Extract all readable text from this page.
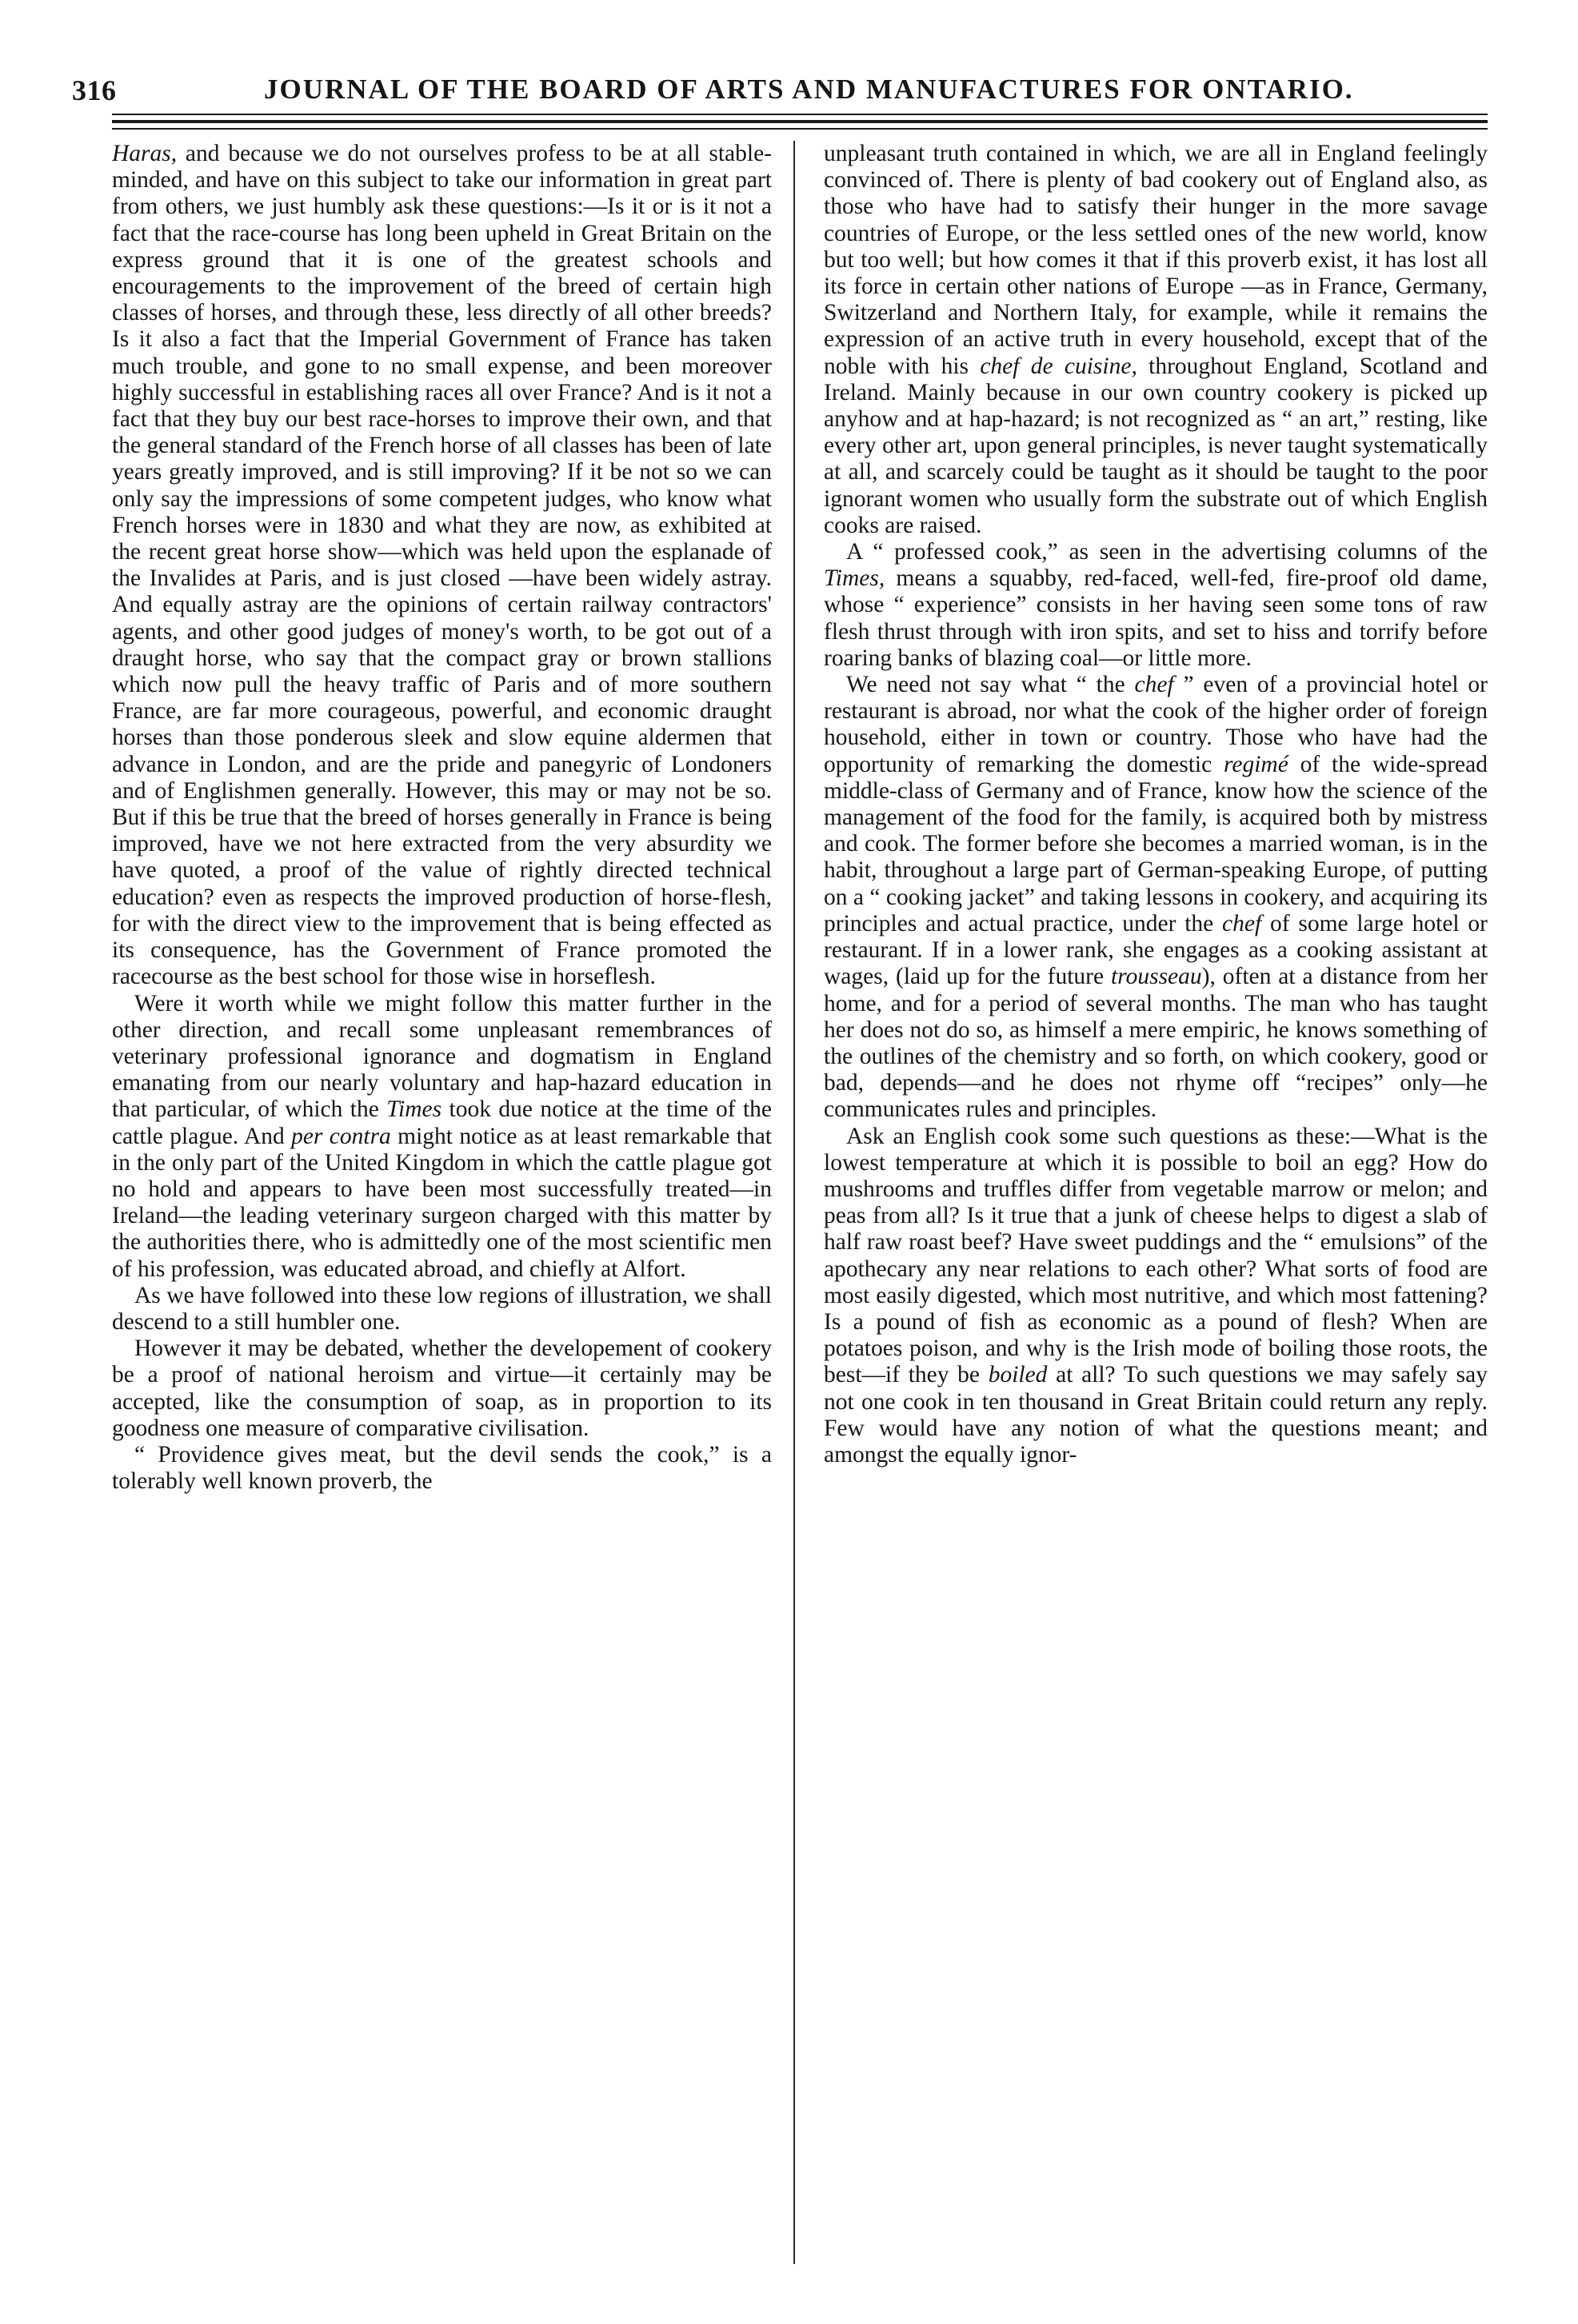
316	JOURNAL OF THE BOARD OF ARTS AND MANUFACTURES FOR ONTARIO.

Haras, and because we do not ourselves profess to be at all stable-minded, and have on this subject to take our information in great part from others, we just humbly ask these questions:—Is it or is it not a fact that the race-course has long been upheld in Great Britain on the express ground that it is one of the greatest schools and encouragements to the improvement of the breed of certain high classes of horses, and through these, less directly of all other breeds? Is it also a fact that the Imperial Government of France has taken much trouble, and gone to no small expense, and been moreover highly successful in establishing races all over France? And is it not a fact that they buy our best race-horses to improve their own, and that the general standard of the French horse of all classes has been of late years greatly improved, and is still improving? If it be not so we can only say the impressions of some competent judges, who know what French horses were in 1830 and what they are now, as exhibited at the recent great horse show—which was held upon the esplanade of the Invalides at Paris, and is just closed —have been widely astray. And equally astray are the opinions of certain railway contractors' agents, and other good judges of money's worth, to be got out of a draught horse, who say that the compact gray or brown stallions which now pull the heavy traffic of Paris and of more southern France, are far more courageous, powerful, and economic draught horses than those ponderous sleek and slow equine aldermen that advance in London, and are the pride and panegyric of Londoners and of Englishmen generally. However, this may or may not be so. But if this be true that the breed of horses generally in France is being improved, have we not here extracted from the very absurdity we have quoted, a proof of the value of rightly directed technical education? even as respects the improved production of horse-flesh, for with the direct view to the improvement that is being effected as its consequence, has the Government of France promoted the racecourse as the best school for those wise in horseflesh.

Were it worth while we might follow this matter further in the other direction, and recall some unpleasant remembrances of veterinary professional ignorance and dogmatism in England emanating from our nearly voluntary and hap-hazard education in that particular, of which the Times took due notice at the time of the cattle plague. And per contra might notice as at least remarkable that in the only part of the United Kingdom in which the cattle plague got no hold and appears to have been most successfully treated—in Ireland—the leading veterinary surgeon charged with this matter by the authorities there, who is admittedly one of the most scientific men of his profession, was educated abroad, and chiefly at Alfort.

As we have followed into these low regions of illustration, we shall descend to a still humbler one.

However it may be debated, whether the developement of cookery be a proof of national heroism and virtue—it certainly may be accepted, like the consumption of soap, as in proportion to its goodness one measure of comparative civilisation.

“ Providence gives meat, but the devil sends the cook,” is a tolerably well known proverb, the

unpleasant truth contained in which, we are all in England feelingly convinced of. There is plenty of bad cookery out of England also, as those who have had to satisfy their hunger in the more savage countries of Europe, or the less settled ones of the new world, know but too well; but how comes it that if this proverb exist, it has lost all its force in certain other nations of Europe —as in France, Germany, Switzerland and Northern Italy, for example, while it remains the expression of an active truth in every household, except that of the noble with his chef de cuisine, throughout England, Scotland and Ireland. Mainly because in our own country cookery is picked up anyhow and at hap-hazard; is not recognized as “ an art,” resting, like every other art, upon general principles, is never taught systematically at all, and scarcely could be taught as it should be taught to the poor ignorant women who usually form the substrate out of which English cooks are raised.

A “ professed cook,” as seen in the advertising columns of the Times, means a squabby, red-faced, well-fed, fire-proof old dame, whose “ experience” consists in her having seen some tons of raw flesh thrust through with iron spits, and set to hiss and torrify before roaring banks of blazing coal—or little more.

We need not say what “ the chef ” even of a provincial hotel or restaurant is abroad, nor what the cook of the higher order of foreign household, either in town or country. Those who have had the opportunity of remarking the domestic regimé of the wide-spread middle-class of Germany and of France, know how the science of the management of the food for the family, is acquired both by mistress and cook. The former before she becomes a married woman, is in the habit, throughout a large part of German-speaking Europe, of putting on a “ cooking jacket” and taking lessons in cookery, and acquiring its principles and actual practice, under the chef of some large hotel or restaurant. If in a lower rank, she engages as a cooking assistant at wages, (laid up for the future trousseau), often at a distance from her home, and for a period of several months. The man who has taught her does not do so, as himself a mere empiric, he knows something of the outlines of the chemistry and so forth, on which cookery, good or bad, depends—and he does not rhyme off “recipes” only—he communicates rules and principles.

Ask an English cook some such questions as these:—What is the lowest temperature at which it is possible to boil an egg? How do mushrooms and truffles differ from vegetable marrow or melon; and peas from all? Is it true that a junk of cheese helps to digest a slab of half raw roast beef? Have sweet puddings and the “ emulsions” of the apothecary any near relations to each other? What sorts of food are most easily digested, which most nutritive, and which most fattening? Is a pound of fish as economic as a pound of flesh? When are potatoes poison, and why is the Irish mode of boiling those roots, the best—if they be boiled at all? To such questions we may safely say not one cook in ten thousand in Great Britain could return any reply. Few would have any notion of what the questions meant; and amongst the equally ignor-
